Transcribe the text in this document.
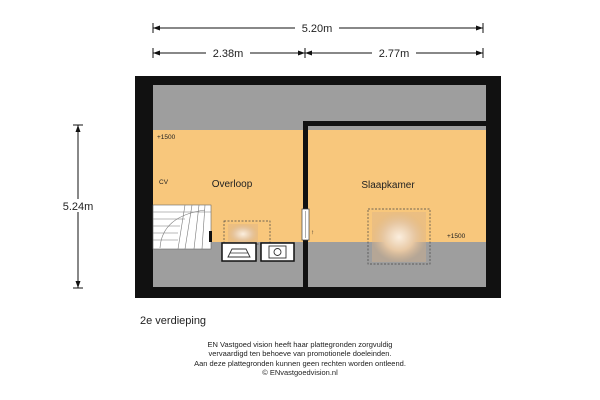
5.20m
2.38m	2.77m
5.24m
↑
Overloop	Slaapkamer
CV
+1500
+1500
2e verdieping
EN Vastgoed vision heeft haar plattegronden zorgvuldig
vervaardigd ten behoeve van promotionele doeleinden.
Aan deze plattegronden kunnen geen rechten worden ontleend.
© ENvastgoedvision.nl
